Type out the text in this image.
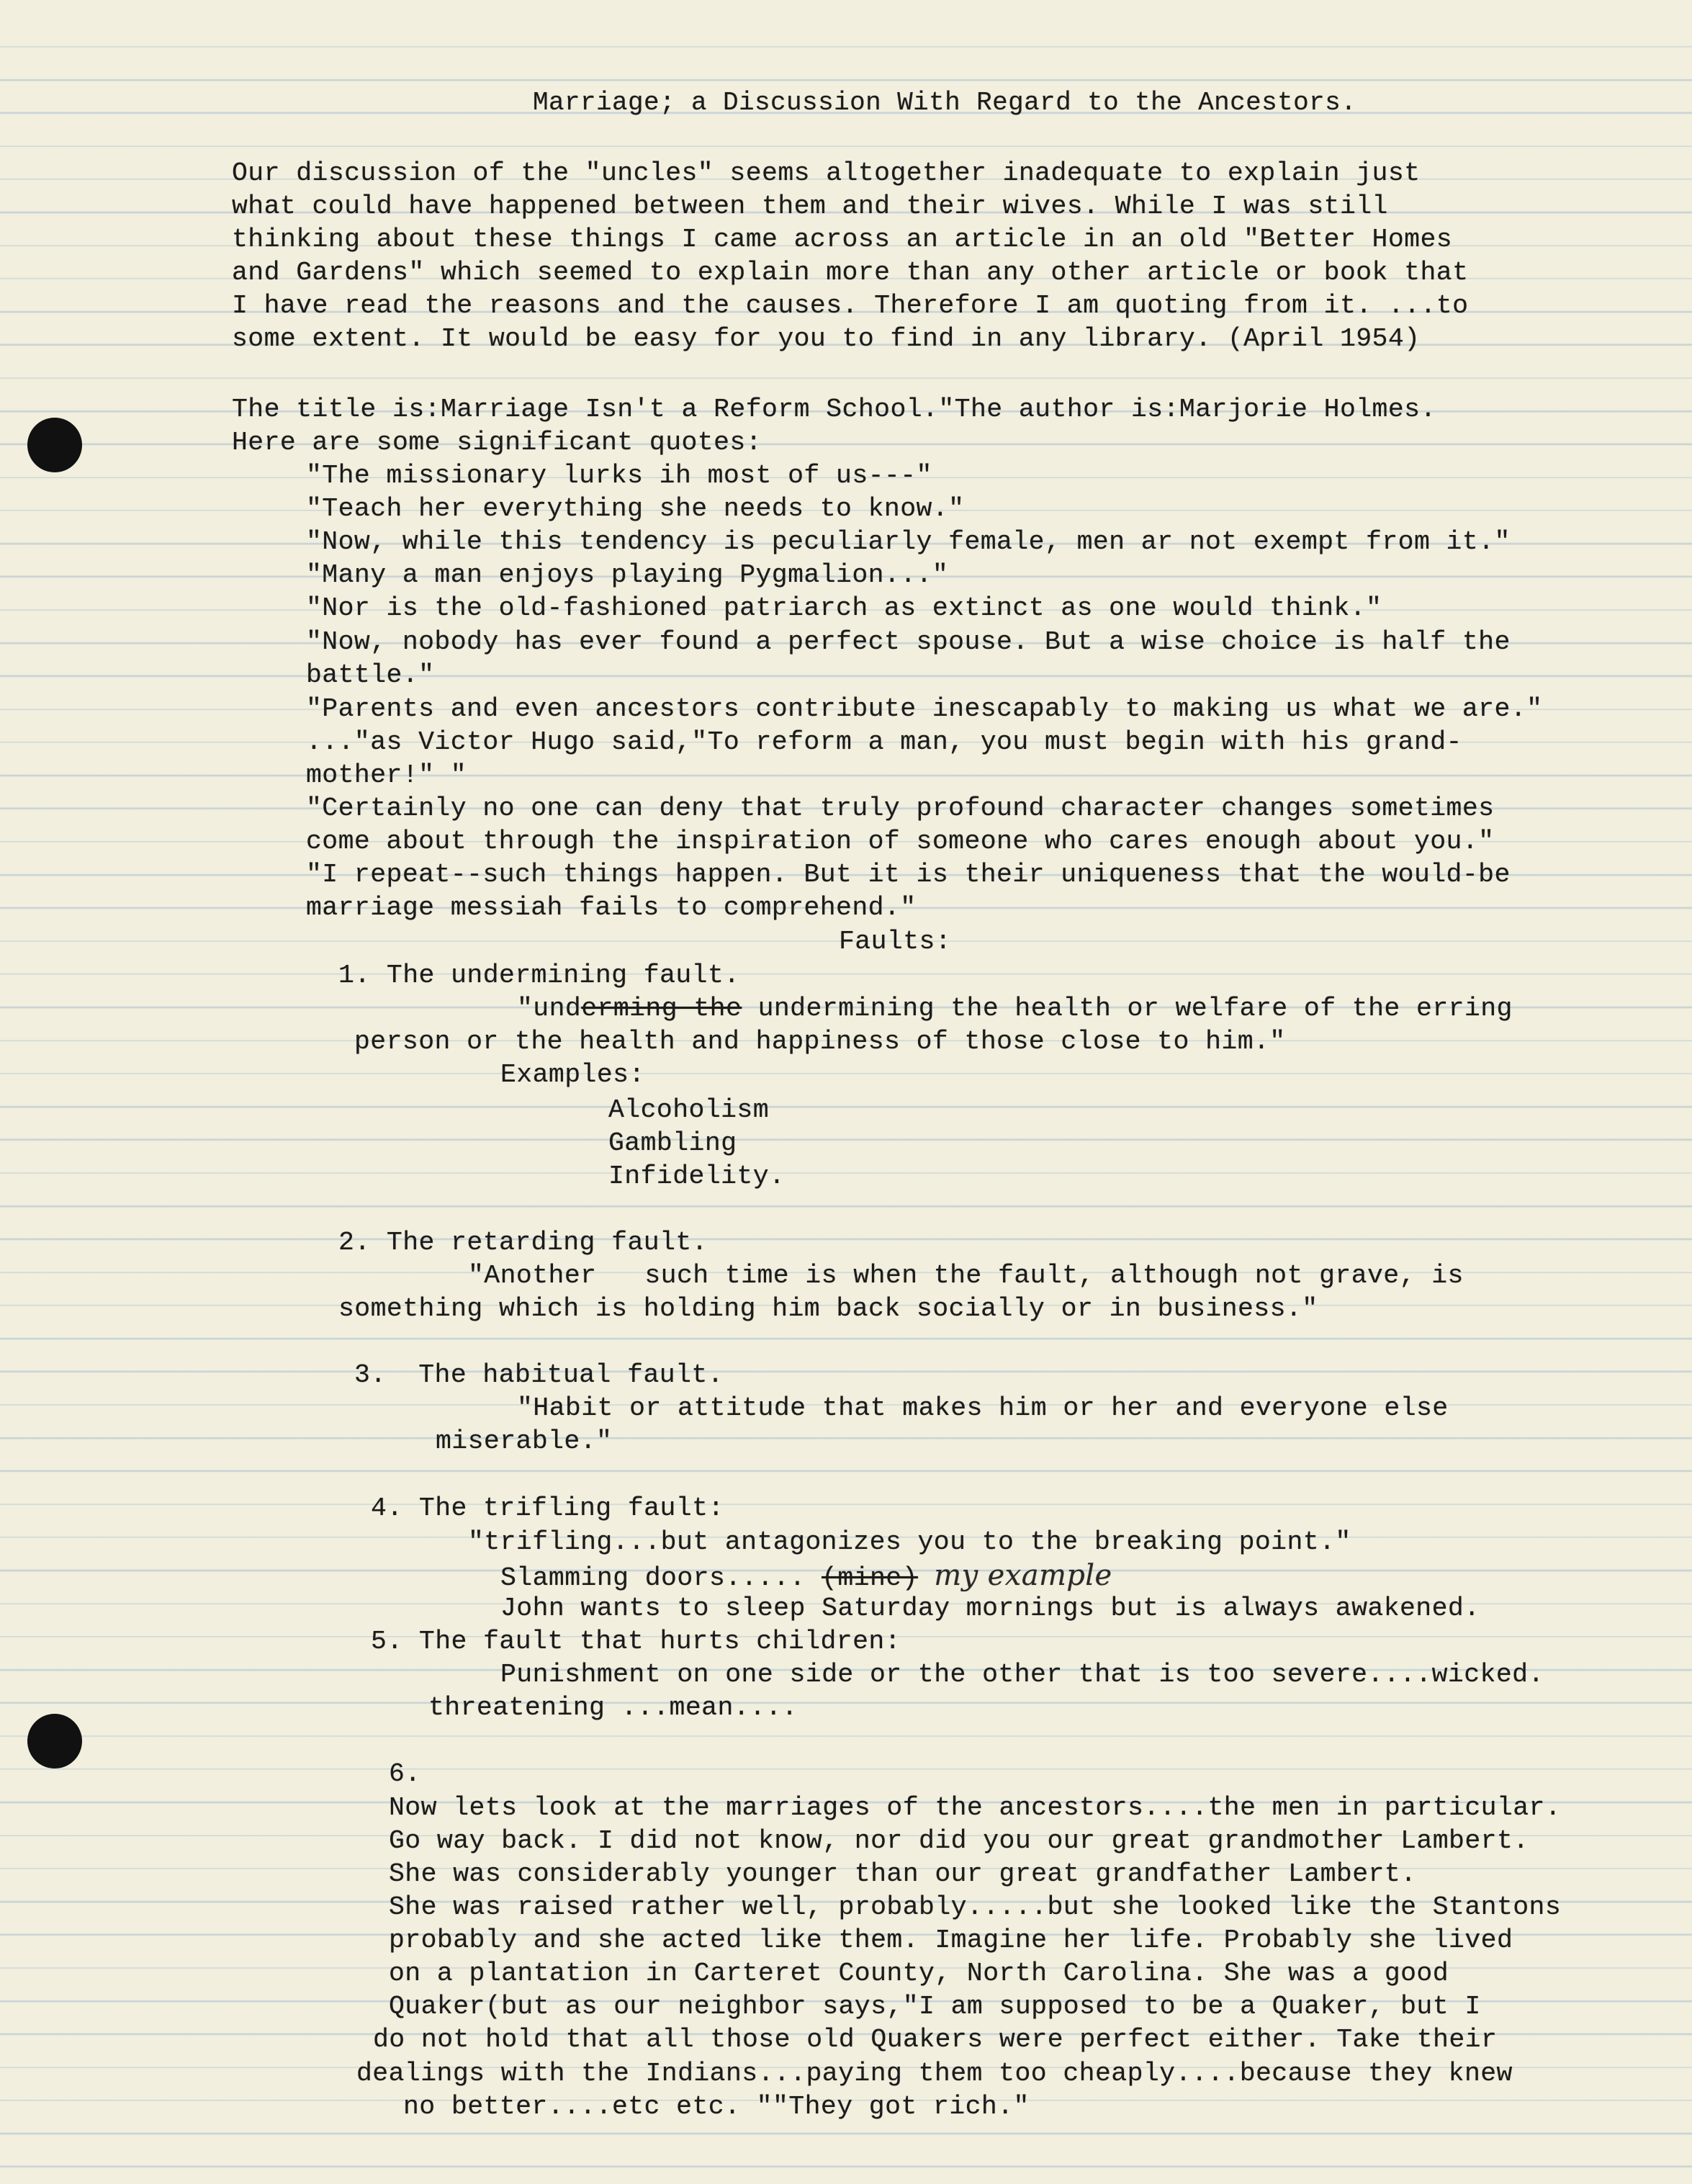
Marriage; a Discussion With Regard to the Ancestors.
Our discussion of the "uncles" seems altogether inadequate to explain just
what could have happened between them and their wives. While I was still
thinking about these things I came across an article in an old "Better Homes
and Gardens" which seemed to explain more than any other article or book that
I have read the reasons and the causes. Therefore I am quoting from it. ...to
some extent. It would be easy for you to find in any library. (April 1954)
The title is:Marriage Isn't a Reform School."The author is:Marjorie Holmes.
Here are some significant quotes:
"The missionary lurks ih most of us---"
"Teach her everything she needs to know."
"Now, while this tendency is peculiarly female, men ar not exempt from it."
"Many a man enjoys playing Pygmalion..."
"Nor is the old-fashioned patriarch as extinct as one would think."
"Now, nobody has ever found a perfect spouse. But a wise choice is half the
battle."
"Parents and even ancestors contribute inescapably to making us what we are."
..."as Victor Hugo said,"To reform a man, you must begin with his grand-
mother!" "
"Certainly no one can deny that truly profound character changes sometimes
come about through the inspiration of someone who cares enough about you."
"I repeat--such things happen. But it is their uniqueness that the would-be
marriage messiah fails to comprehend."
Faults:
1. The undermining fault.
"underming the undermining the health or welfare of the erring
person or the health and happiness of those close to him."
Examples:
Alcoholism
Gambling
Infidelity.
2. The retarding fault.
"Another   such time is when the fault, although not grave, is
something which is holding him back socially or in business."
3.  The habitual fault.
"Habit or attitude that makes him or her and everyone else
miserable."
4. The trifling fault:
"trifling...but antagonizes you to the breaking point."
Slamming doors..... (mine) my example
John wants to sleep Saturday mornings but is always awakened.
5. The fault that hurts children:
Punishment on one side or the other that is too severe....wicked.
threatening ...mean....
6.
Now lets look at the marriages of the ancestors....the men in particular.
Go way back. I did not know, nor did you our great grandmother Lambert.
She was considerably younger than our great grandfather Lambert.
She was raised rather well, probably.....but she looked like the Stantons
probably and she acted like them. Imagine her life. Probably she lived
on a plantation in Carteret County, North Carolina. She was a good
Quaker(but as our neighbor says,"I am supposed to be a Quaker, but I
do not hold that all those old Quakers were perfect either. Take their
dealings with the Indians...paying them too cheaply....because they knew
no better....etc etc. ""They got rich."
